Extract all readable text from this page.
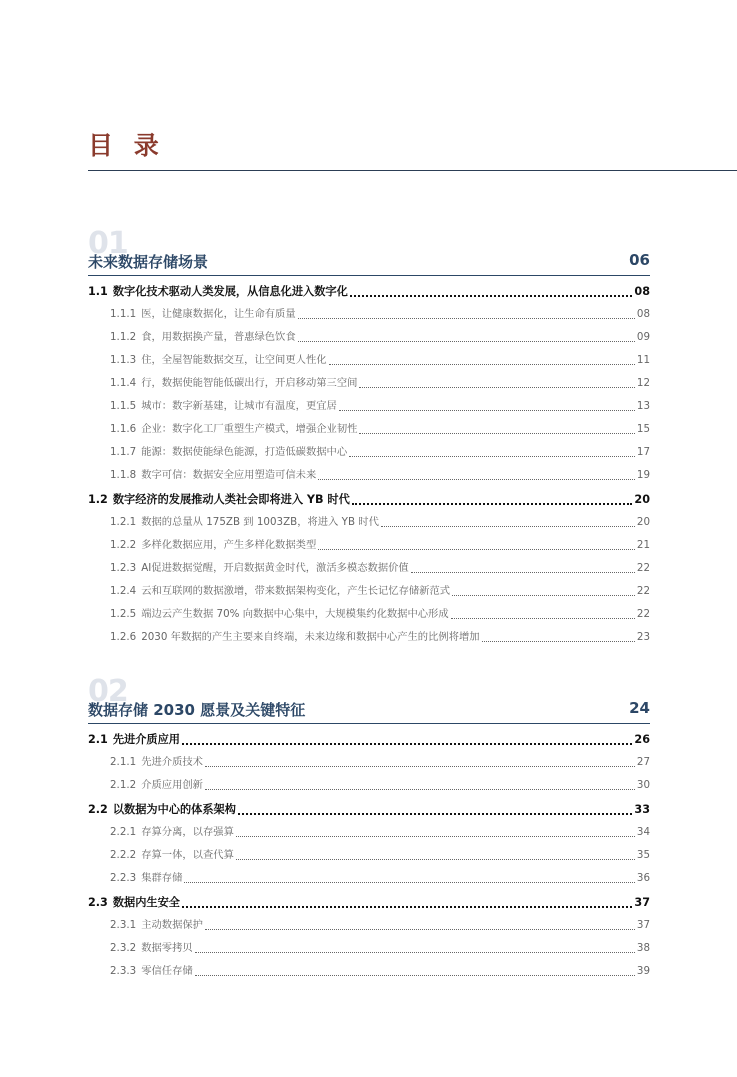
目 录
01
未来数据存储场景	06
1.1 数字化技术驱动人类发展，从信息化进入数字化	08
1.1.1 医，让健康数据化，让生命有质量	08
1.1.2 食，用数据换产量，普惠绿色饮食	09
1.1.3 住，全屋智能数据交互，让空间更人性化	11
1.1.4 行，数据使能智能低碳出行，开启移动第三空间	12
1.1.5 城市：数字新基建，让城市有温度，更宜居	13
1.1.6 企业：数字化工厂重塑生产模式，增强企业韧性	15
1.1.7 能源：数据使能绿色能源，打造低碳数据中心	17
1.1.8 数字可信：数据安全应用塑造可信未来	19
1.2 数字经济的发展推动人类社会即将进入 YB 时代	20
1.2.1 数据的总量从 175ZB 到 1003ZB，将进入 YB 时代	20
1.2.2 多样化数据应用，产生多样化数据类型	21
1.2.3 AI促进数据觉醒，开启数据黄金时代，激活多模态数据价值	22
1.2.4 云和互联网的数据激增，带来数据架构变化，产生长记忆存储新范式	22
1.2.5 端边云产生数据 70% 向数据中心集中，大规模集约化数据中心形成	22
1.2.6 2030 年数据的产生主要来自终端，未来边缘和数据中心产生的比例将增加	23
02
数据存储 2030 愿景及关键特征	24
2.1 先进介质应用	26
2.1.1 先进介质技术	27
2.1.2 介质应用创新	30
2.2 以数据为中心的体系架构	33
2.2.1 存算分离，以存强算	34
2.2.2 存算一体，以查代算	35
2.2.3 集群存储	36
2.3 数据内生安全	37
2.3.1 主动数据保护	37
2.3.2 数据零拷贝	38
2.3.3 零信任存储	39
